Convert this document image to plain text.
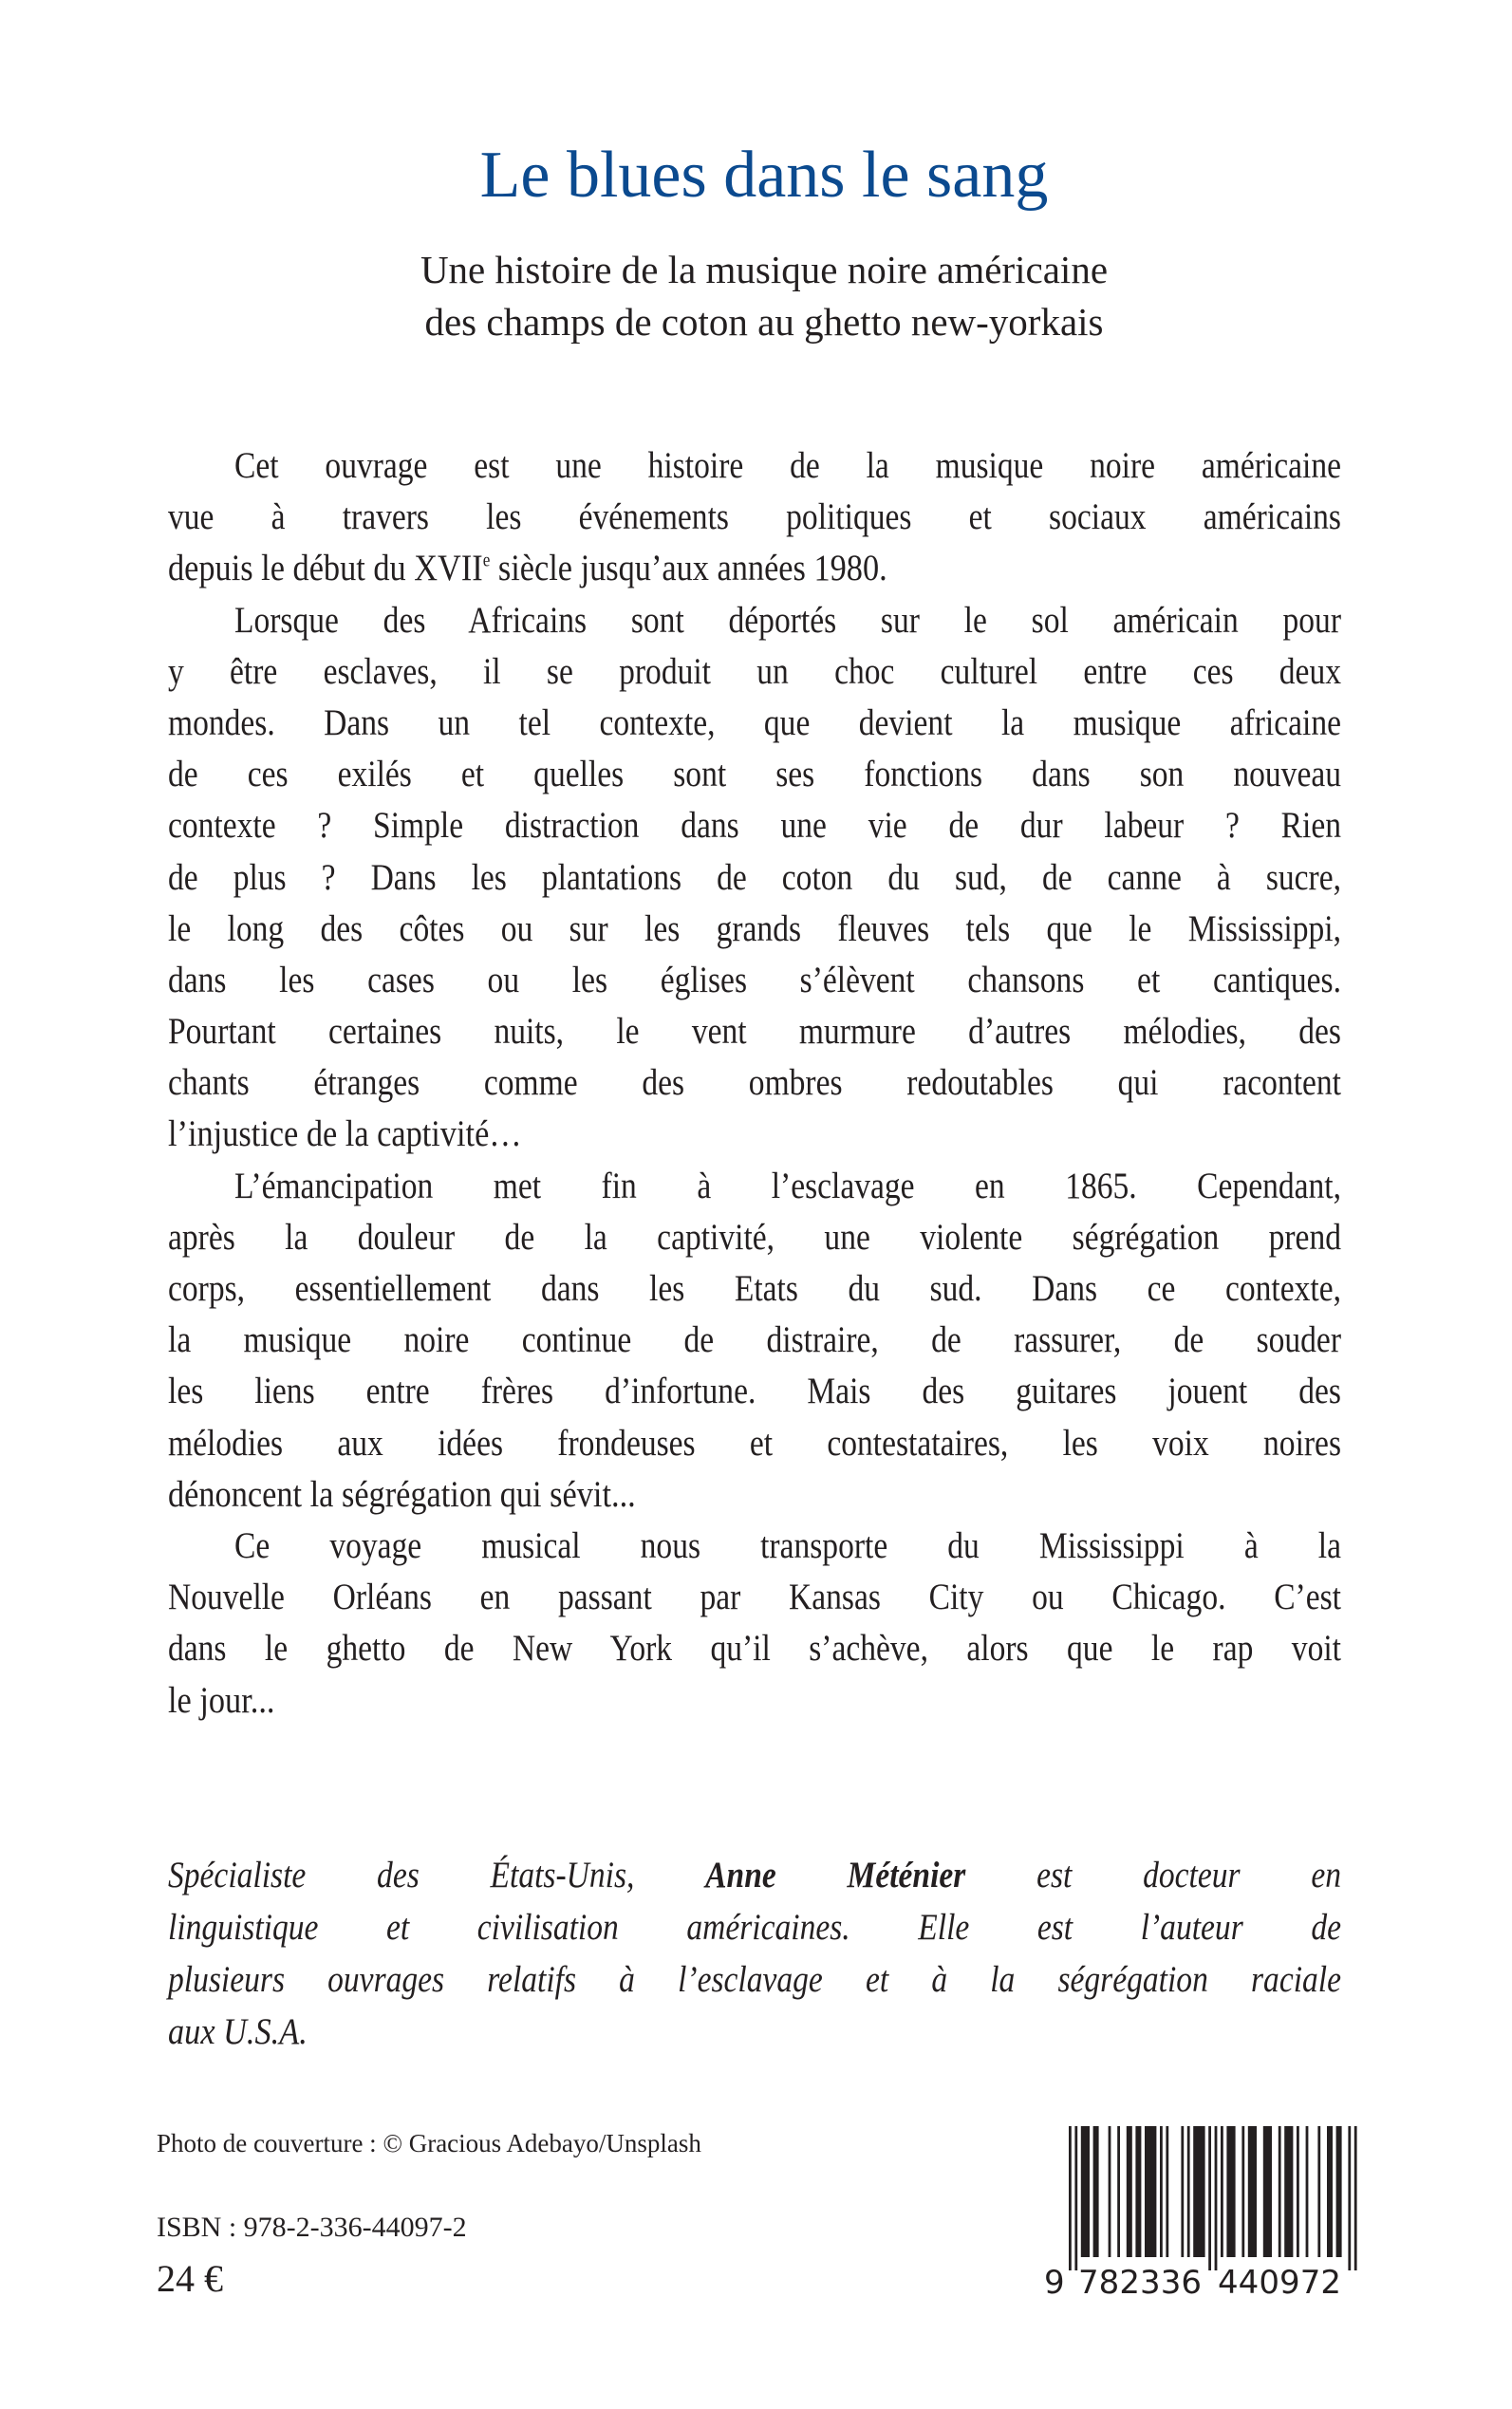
Le blues dans le sang
Une histoire de la musique noire américaine
des champs de coton au ghetto new-yorkais
Cet ouvrage est une histoire de la musique noire américaine
vue à travers les événements politiques et sociaux américains
depuis le début du XVIIe siècle jusqu’aux années 1980.
Lorsque des Africains sont déportés sur le sol américain pour
y être esclaves, il se produit un choc culturel entre ces deux
mondes. Dans un tel contexte, que devient la musique africaine
de ces exilés et quelles sont ses fonctions dans son nouveau
contexte ? Simple distraction dans une vie de dur labeur ? Rien
de plus ? Dans les plantations de coton du sud, de canne à sucre,
le long des côtes ou sur les grands fleuves tels que le Mississippi,
dans les cases ou les églises s’élèvent chansons et cantiques.
Pourtant certaines nuits, le vent murmure d’autres mélodies, des
chants étranges comme des ombres redoutables qui racontent
l’injustice de la captivité…
L’émancipation met fin à l’esclavage en 1865. Cependant,
après la douleur de la captivité, une violente ségrégation prend
corps, essentiellement dans les Etats du sud. Dans ce contexte,
la musique noire continue de distraire, de rassurer, de souder
les liens entre frères d’infortune. Mais des guitares jouent des
mélodies aux idées frondeuses et contestataires, les voix noires
dénoncent la ségrégation qui sévit...
Ce voyage musical nous transporte du Mississippi à la
Nouvelle Orléans en passant par Kansas City ou Chicago. C’est
dans le ghetto de New York qu’il s’achève, alors que le rap voit
le jour...
Spécialiste des États-Unis, Anne Méténier est docteur en
linguistique et civilisation américaines. Elle est l’auteur de
plusieurs ouvrages relatifs à l’esclavage et à la ségrégation raciale
aux U.S.A.
Photo de couverture : © Gracious Adebayo/Unsplash
ISBN : 978-2-336-44097-2
24 €	9 782336 440972
